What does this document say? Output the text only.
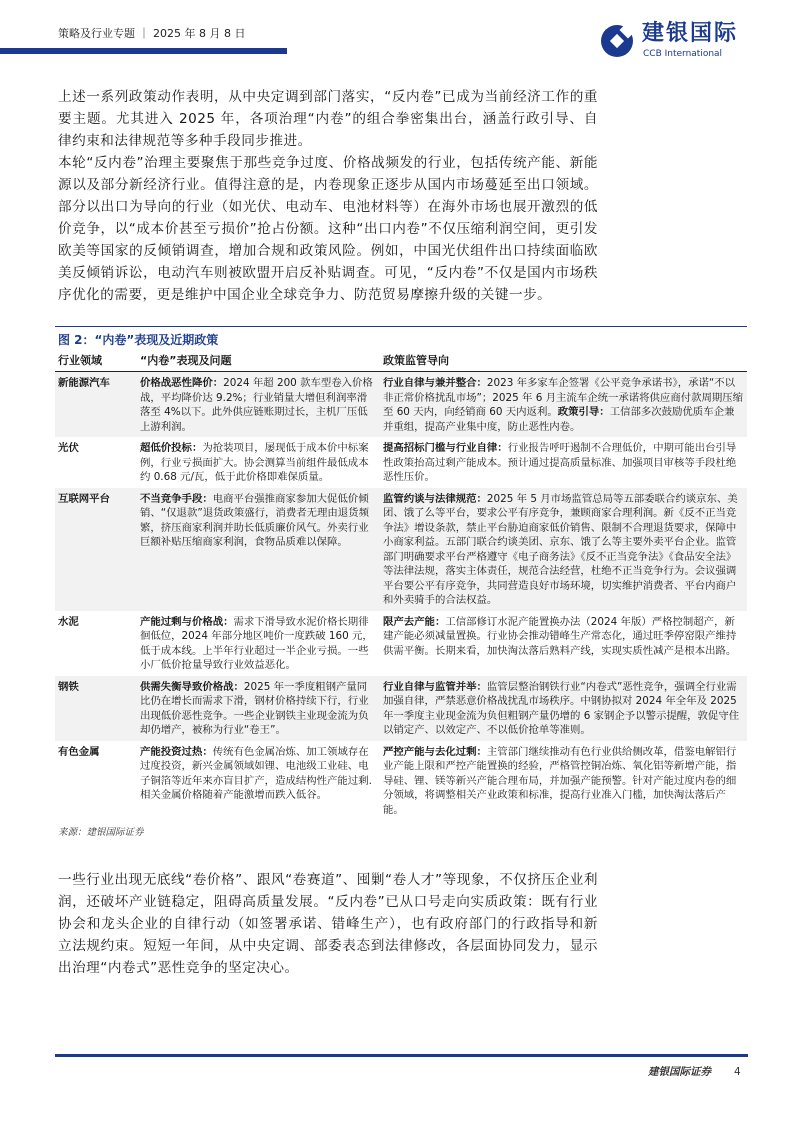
策略及行业专题 ｜ 2025 年 8 月 8 日	建银国际
CCB International

上述一系列政策动作表明，从中央定调到部门落实，“反内卷”已成为当前经济工作的重要主题。尤其进入 2025 年，各项治理“内卷”的组合拳密集出台，涵盖行政引导、自律约束和法律规范等多种手段同步推进。

本轮“反内卷”治理主要聚焦于那些竞争过度、价格战频发的行业，包括传统产能、新能源以及部分新经济行业。值得注意的是，内卷现象正逐步从国内市场蔓延至出口领域。部分以出口为导向的行业（如光伏、电动车、电池材料等）在海外市场也展开激烈的低价竞争，以“成本价甚至亏损价”抢占份额。这种“出口内卷”不仅压缩利润空间，更引发欧美等国家的反倾销调查，增加合规和政策风险。例如，中国光伏组件出口持续面临欧美反倾销诉讼，电动汽车则被欧盟开启反补贴调查。可见，“反内卷”不仅是国内市场秩序优化的需要，更是维护中国企业全球竞争力、防范贸易摩擦升级的关键一步。

图 2：“内卷”表现及近期政策
行业领域	“内卷”表现及问题	政策监管导向
新能源汽车	价格战恶性降价：2024 年超 200 款车型卷入价格战，平均降价达 9.2%；行业销量大增但利润率滑落至 4%以下。此外供应链账期过长，主机厂压低上游利润。	行业自律与兼并整合：2023 年多家车企签署《公平竞争承诺书》，承诺“不以非正常价格扰乱市场”；2025 年 6 月主流车企统一承诺将供应商付款周期压缩至 60 天内，向经销商 60 天内返利。政策引导：工信部多次鼓励优质车企兼并重组，提高产业集中度，防止恶性内卷。
光伏	超低价投标：为抢装项目，屡现低于成本价中标案例，行业亏损面扩大。协会测算当前组件最低成本约 0.68 元/瓦，低于此价格即难保质量。	提高招标门槛与行业自律：行业报告呼吁遏制不合理低价，中期可能出台引导性政策抬高过剩产能成本。预计通过提高质量标准、加强项目审核等手段杜绝恶性压价。
互联网平台	不当竞争手段：电商平台强推商家参加大促低价倾销、“仅退款”退货政策盛行，消费者无理由退货频繁，挤压商家利润并助长低质廉价风气。外卖行业巨额补贴压缩商家利润，食物品质难以保障。	监管约谈与法律规范：2025 年 5 月市场监管总局等五部委联合约谈京东、美团、饿了么等平台，要求公平有序竞争，兼顾商家合理利润。新《反不正当竞争法》增设条款，禁止平台胁迫商家低价销售、限制不合理退货要求，保障中小商家利益。五部门联合约谈美团、京东、饿了么等主要外卖平台企业。监管部门明确要求平台严格遵守《电子商务法》《反不正当竞争法》《食品安全法》等法律法规，落实主体责任，规范合法经营，杜绝不正当竞争行为。会议强调平台要公平有序竞争，共同营造良好市场环境，切实维护消费者、平台内商户和外卖骑手的合法权益。
水泥	产能过剩与价格战：需求下滑导致水泥价格长期徘徊低位，2024 年部分地区吨价一度跌破 160 元，低于成本线。上半年行业超过一半企业亏损。一些小厂低价抢量导致行业效益恶化。	限产去产能：工信部修订水泥产能置换办法（2024 年版）严格控制超产，新建产能必须减量置换。行业协会推动错峰生产常态化，通过旺季停窑限产维持供需平衡。长期来看，加快淘汰落后熟料产线，实现实质性减产是根本出路。
钢铁	供需失衡导致价格战：2025 年一季度粗钢产量同比仍在增长而需求下滑，钢材价格持续下行，行业出现低价恶性竞争。一些企业钢铁主业现金流为负却仍增产，被称为行业“卷王”。	行业自律与监管并举：监管层整治钢铁行业“内卷式”恶性竞争，强调全行业需加强自律，严禁恶意价格战扰乱市场秩序。中钢协拟对 2024 年全年及 2025 年一季度主业现金流为负但粗钢产量仍增的 6 家钢企予以警示提醒，敦促守住以销定产、以效定产、不以低价抢单等准则。
有色金属	产能投资过热：传统有色金属冶炼、加工领域存在过度投资，新兴金属领域如锂、电池级工业硅、电子铜箔等近年来亦盲目扩产，造成结构性产能过剩.相关金属价格随着产能激增而跌入低谷。	严控产能与去化过剩：主管部门继续推动有色行业供给侧改革，借鉴电解铝行业产能上限和严控产能置换的经验，严格管控铜冶炼、氧化铝等新增产能，指导硅、锂、镁等新兴产能合理布局，并加强产能预警。针对产能过度内卷的细分领域，将调整相关产业政策和标准，提高行业准入门槛，加快淘汰落后产能。
来源：建银国际证券

一些行业出现无底线“卷价格”、跟风“卷赛道”、囤剿“卷人才”等现象，不仅挤压企业利润，还破坏产业链稳定，阻碍高质量发展。“反内卷”已从口号走向实质政策：既有行业协会和龙头企业的自律行动（如签署承诺、错峰生产），也有政府部门的行政指导和新立法规约束。短短一年间，从中央定调、部委表态到法律修改，各层面协同发力，显示出治理“内卷式”恶性竞争的坚定决心。

建银国际证券 4
